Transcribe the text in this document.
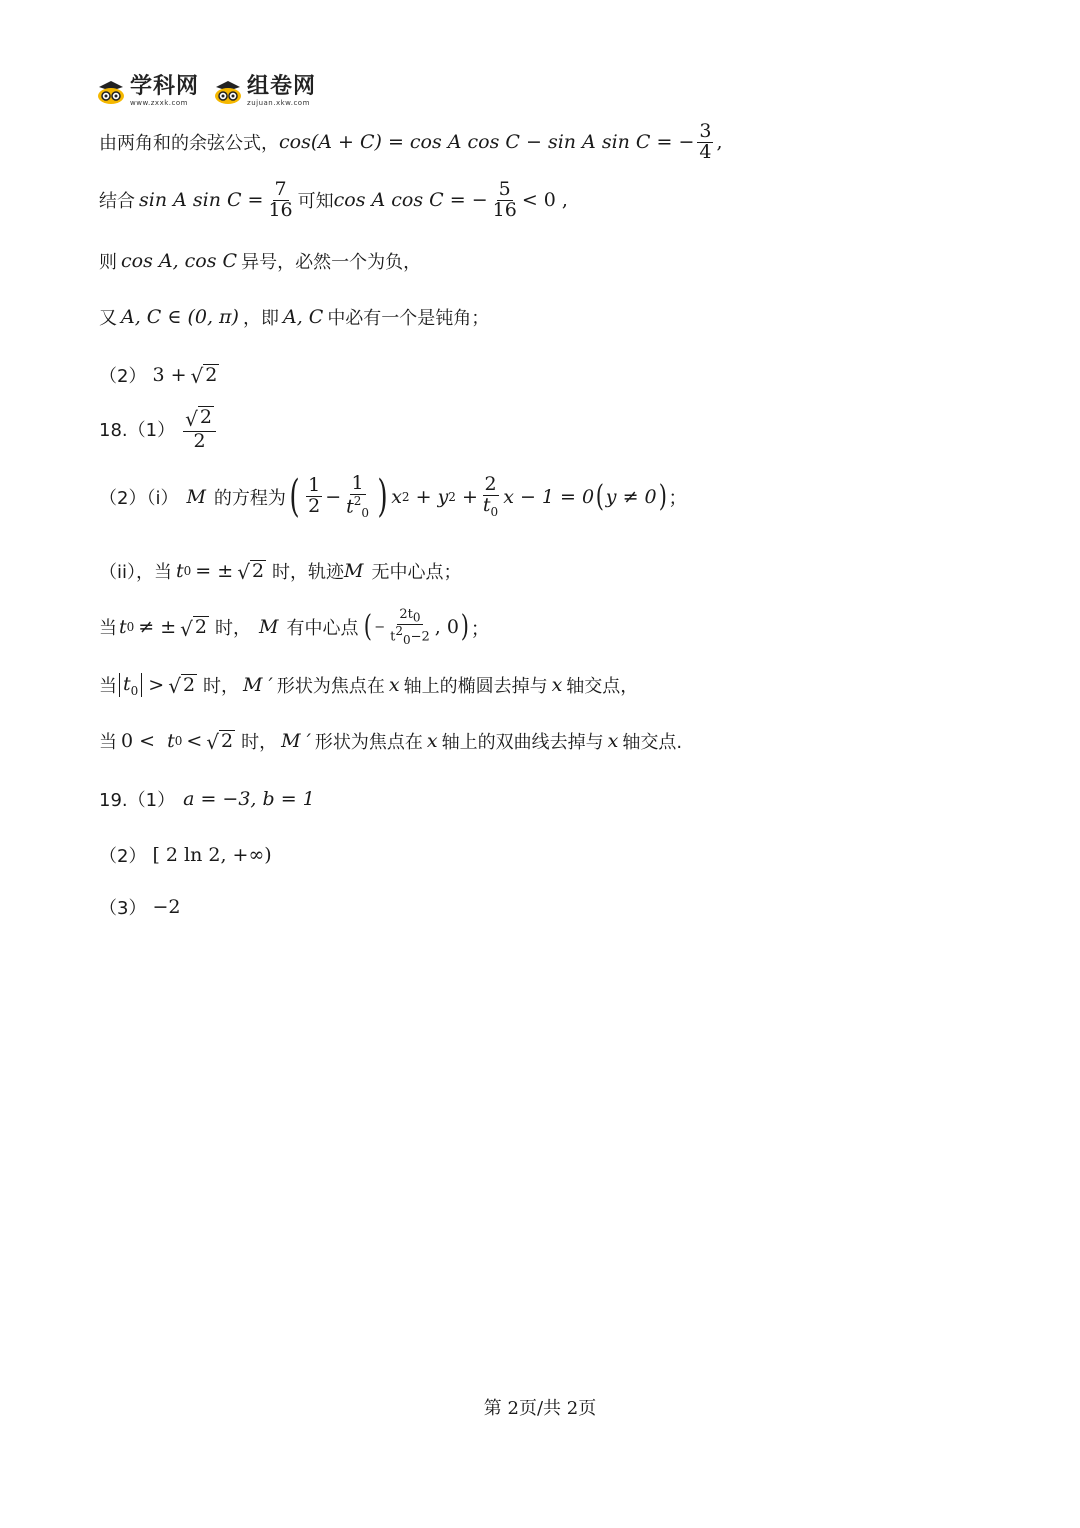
学科网
www.zxxk.com
组卷网
zujuan.xkw.com
由两角和的余弦公式， cos(A + C) = cos A cos C − sin A sin C = − $\frac{3}{4}$ ,
结合 sin A $\sin C = \frac{7}{16}$ 可知 cos A cos C = − $\frac{5}{16} < 0$ ,
则 cos A, cos C 异号，必然一个为负，
又 A, C ∈ (0, π) ，即 A, C 中必有一个是钝角；
（2） 3 + √ 2
$18.(1) \frac{√ 2}{2}$
（2）（i） M 的方程为 ( $\frac{1}{2} - \frac{1}{t^2_0}$ ) x 2 + y $2 + \frac{2}{t_0}$ x − 1 = 0 ( y ≠ 0 ) ；
（ii），当 t 0 = ± √ 2 时，轨迹 M 无中心点；
当 t 0 ≠ ± √ 2 时， M 有中心点 ( − $\frac{2t_0}{t^2_0-2}$ , 0 ) ；
当 $t_0$ > √ 2 时， M ′ 形状为焦点在 x 轴上的椭圆去掉与 x 轴交点，
当 0 < t 0 < √ 2 时， M ′ 形状为焦点在 x 轴上的双曲线去掉与 x 轴交点.
19.（1） a = −3, b = 1
（2） [ 2 ln 2, +∞)
（3） −2
第 2页/共 2页
